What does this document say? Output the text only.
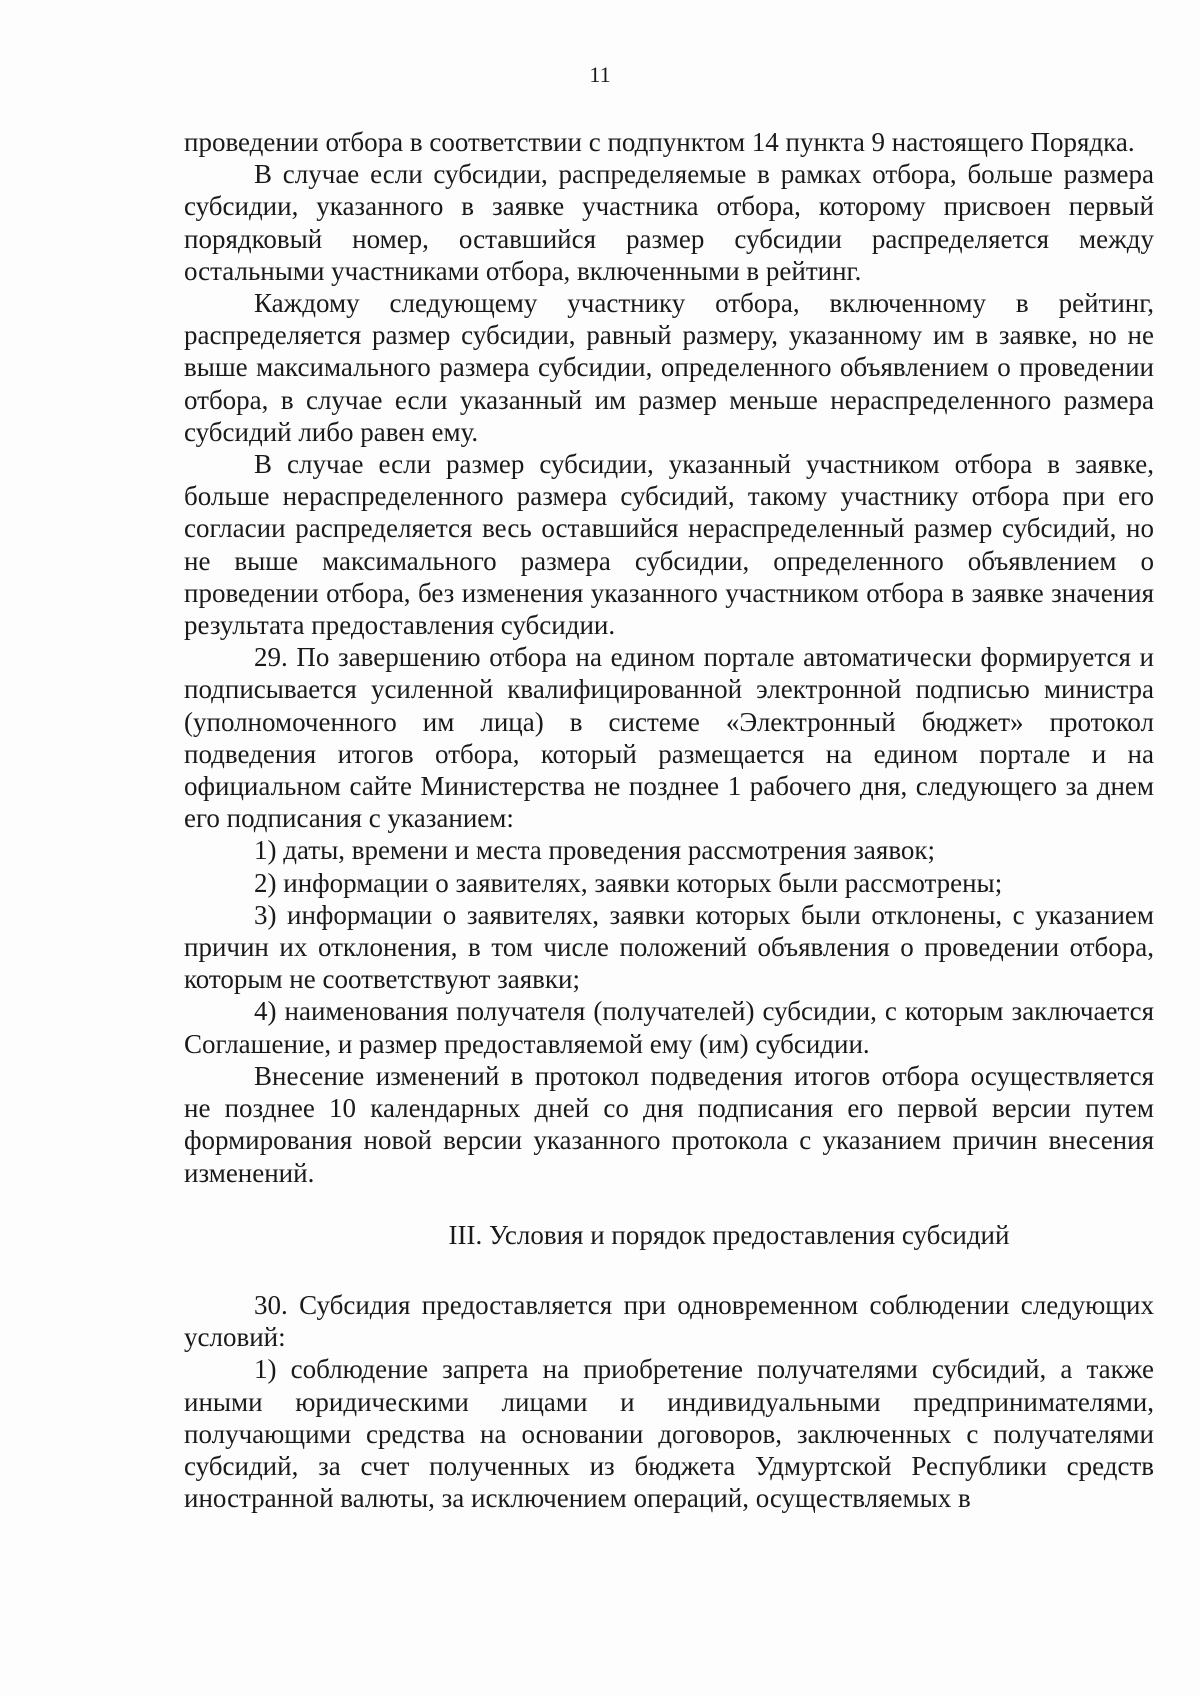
11

проведении отбора в соответствии с подпунктом 14 пункта 9 настоящего Порядка.

В случае если субсидии, распределяемые в рамках отбора, больше размера субсидии, указанного в заявке участника отбора, которому присвоен первый порядковый номер, оставшийся размер субсидии распределяется между остальными участниками отбора, включенными в рейтинг.

Каждому следующему участнику отбора, включенному в рейтинг, распределяется размер субсидии, равный размеру, указанному им в заявке, но не выше максимального размера субсидии, определенного объявлением о проведении отбора, в случае если указанный им размер меньше нераспределенного размера субсидий либо равен ему.

В случае если размер субсидии, указанный участником отбора в заявке, больше нераспределенного размера субсидий, такому участнику отбора при его согласии распределяется весь оставшийся нераспределенный размер субсидий, но не выше максимального размера субсидии, определенного объявлением о проведении отбора, без изменения указанного участником отбора в заявке значения результата предоставления субсидии.

29. По завершению отбора на едином портале автоматически формируется и подписывается усиленной квалифицированной электронной подписью министра (уполномоченного им лица) в системе «Электронный бюджет» протокол подведения итогов отбора, который размещается на едином портале и на официальном сайте Министерства не позднее 1 рабочего дня, следующего за днем его подписания с указанием:

1) даты, времени и места проведения рассмотрения заявок;

2) информации о заявителях, заявки которых были рассмотрены;

3) информации о заявителях, заявки которых были отклонены, с указанием причин их отклонения, в том числе положений объявления о проведении отбора, которым не соответствуют заявки;

4) наименования получателя (получателей) субсидии, с которым заключается Соглашение, и размер предоставляемой ему (им) субсидии.

Внесение изменений в протокол подведения итогов отбора осуществляется не позднее 10 календарных дней со дня подписания его первой версии путем формирования новой версии указанного протокола с указанием причин внесения изменений.

III. Условия и порядок предоставления субсидий

30. Субсидия предоставляется при одновременном соблюдении следующих условий:

1) соблюдение запрета на приобретение получателями субсидий, а также иными юридическими лицами и индивидуальными предпринимателями, получающими средства на основании договоров, заключенных с получателями субсидий, за счет полученных из бюджета Удмуртской Республики средств иностранной валюты, за исключением операций, осуществляемых в
